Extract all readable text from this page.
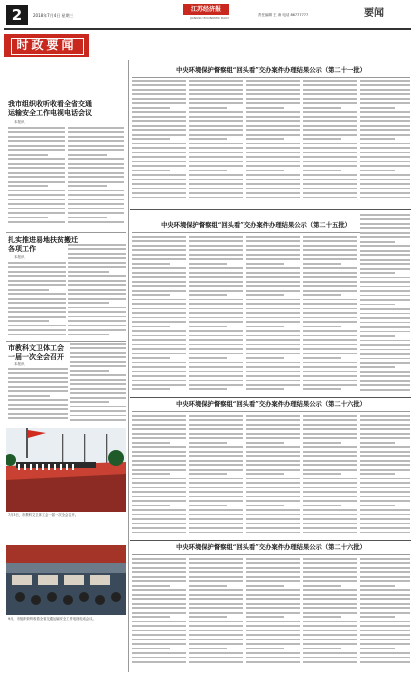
2	2018年7月4日 星期三
江苏经济报
JIANGSU ECONOMIC DAILY
责任编辑 王 涛 电话 86777777	要闻
时政要闻
我市组织收听收看全省交通
运输安全工作电视电话会议
本报讯
扎实推进易地扶贫搬迁
各项工作
本报讯
市教科文卫体工会
一届一次全会召开
本报讯
7月3日，市教科文卫体工会一届一次全会召开。
9月，市组织收听收看全省交通运输安全工作电视电话会议。
中央环境保护督察组“回头看”交办案件办理结果公示（第二十一批）
中央环境保护督察组“回头看”交办案件办理结果公示（第二十五批）
中央环境保护督察组“回头看”交办案件办理结果公示（第二十六批）
中央环境保护督察组“回头看”交办案件办理结果公示（第二十六批）
